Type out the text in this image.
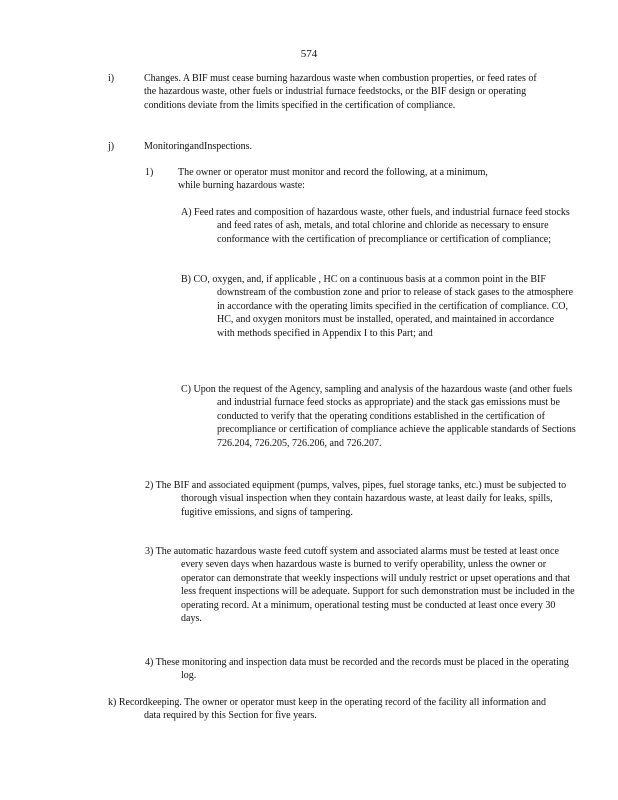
574
i)	Changes. A BIF must cease burning hazardous waste when combustion properties, or feed rates of the hazardous waste, other fuels or industrial furnace feedstocks, or the BIF design or operating conditions deviate from the limits specified in the certification of compliance.

j)	MonitoringandInspections.

1) The owner or operator must monitor and record the following, at a minimum, while burning hazardous waste:

A) Feed rates and composition of hazardous waste, other fuels, and industrial furnace feed stocks and feed rates of ash, metals, and total chlorine and chloride as necessary to ensure conformance with the certification of precompliance or certification of compliance;

B) CO, oxygen, and, if applicable , HC on a continuous basis at a common point in the BIF downstream of the combustion zone and prior to release of stack gases to the atmosphere in accordance with the operating limits specified in the certification of compliance. CO, HC, and oxygen monitors must be installed, operated, and maintained in accordance with methods specified in Appendix I to this Part; and

C) Upon the request of the Agency, sampling and analysis of the hazardous waste (and other fuels and industrial furnace feed stocks as appropriate) and the stack gas emissions must be conducted to verify that the operating conditions established in the certification of precompliance or certification of compliance achieve the applicable standards of Sections 726.204, 726.205, 726.206, and 726.207.

2) The BIF and associated equipment (pumps, valves, pipes, fuel storage tanks, etc.) must be subjected to thorough visual inspection when they contain hazardous waste, at least daily for leaks, spills, fugitive emissions, and signs of tampering.

3) The automatic hazardous waste feed cutoff system and associated alarms must be tested at least once every seven days when hazardous waste is burned to verify operability, unless the owner or operator can demonstrate that weekly inspections will unduly restrict or upset operations and that less frequent inspections will be adequate. Support for such demonstration must be included in the operating record. At a minimum, operational testing must be conducted at least once every 30 days.

4) These monitoring and inspection data must be recorded and the records must be placed in the operating log.

k) Recordkeeping. The owner or operator must keep in the operating record of the facility all information and data required by this Section for five years.
